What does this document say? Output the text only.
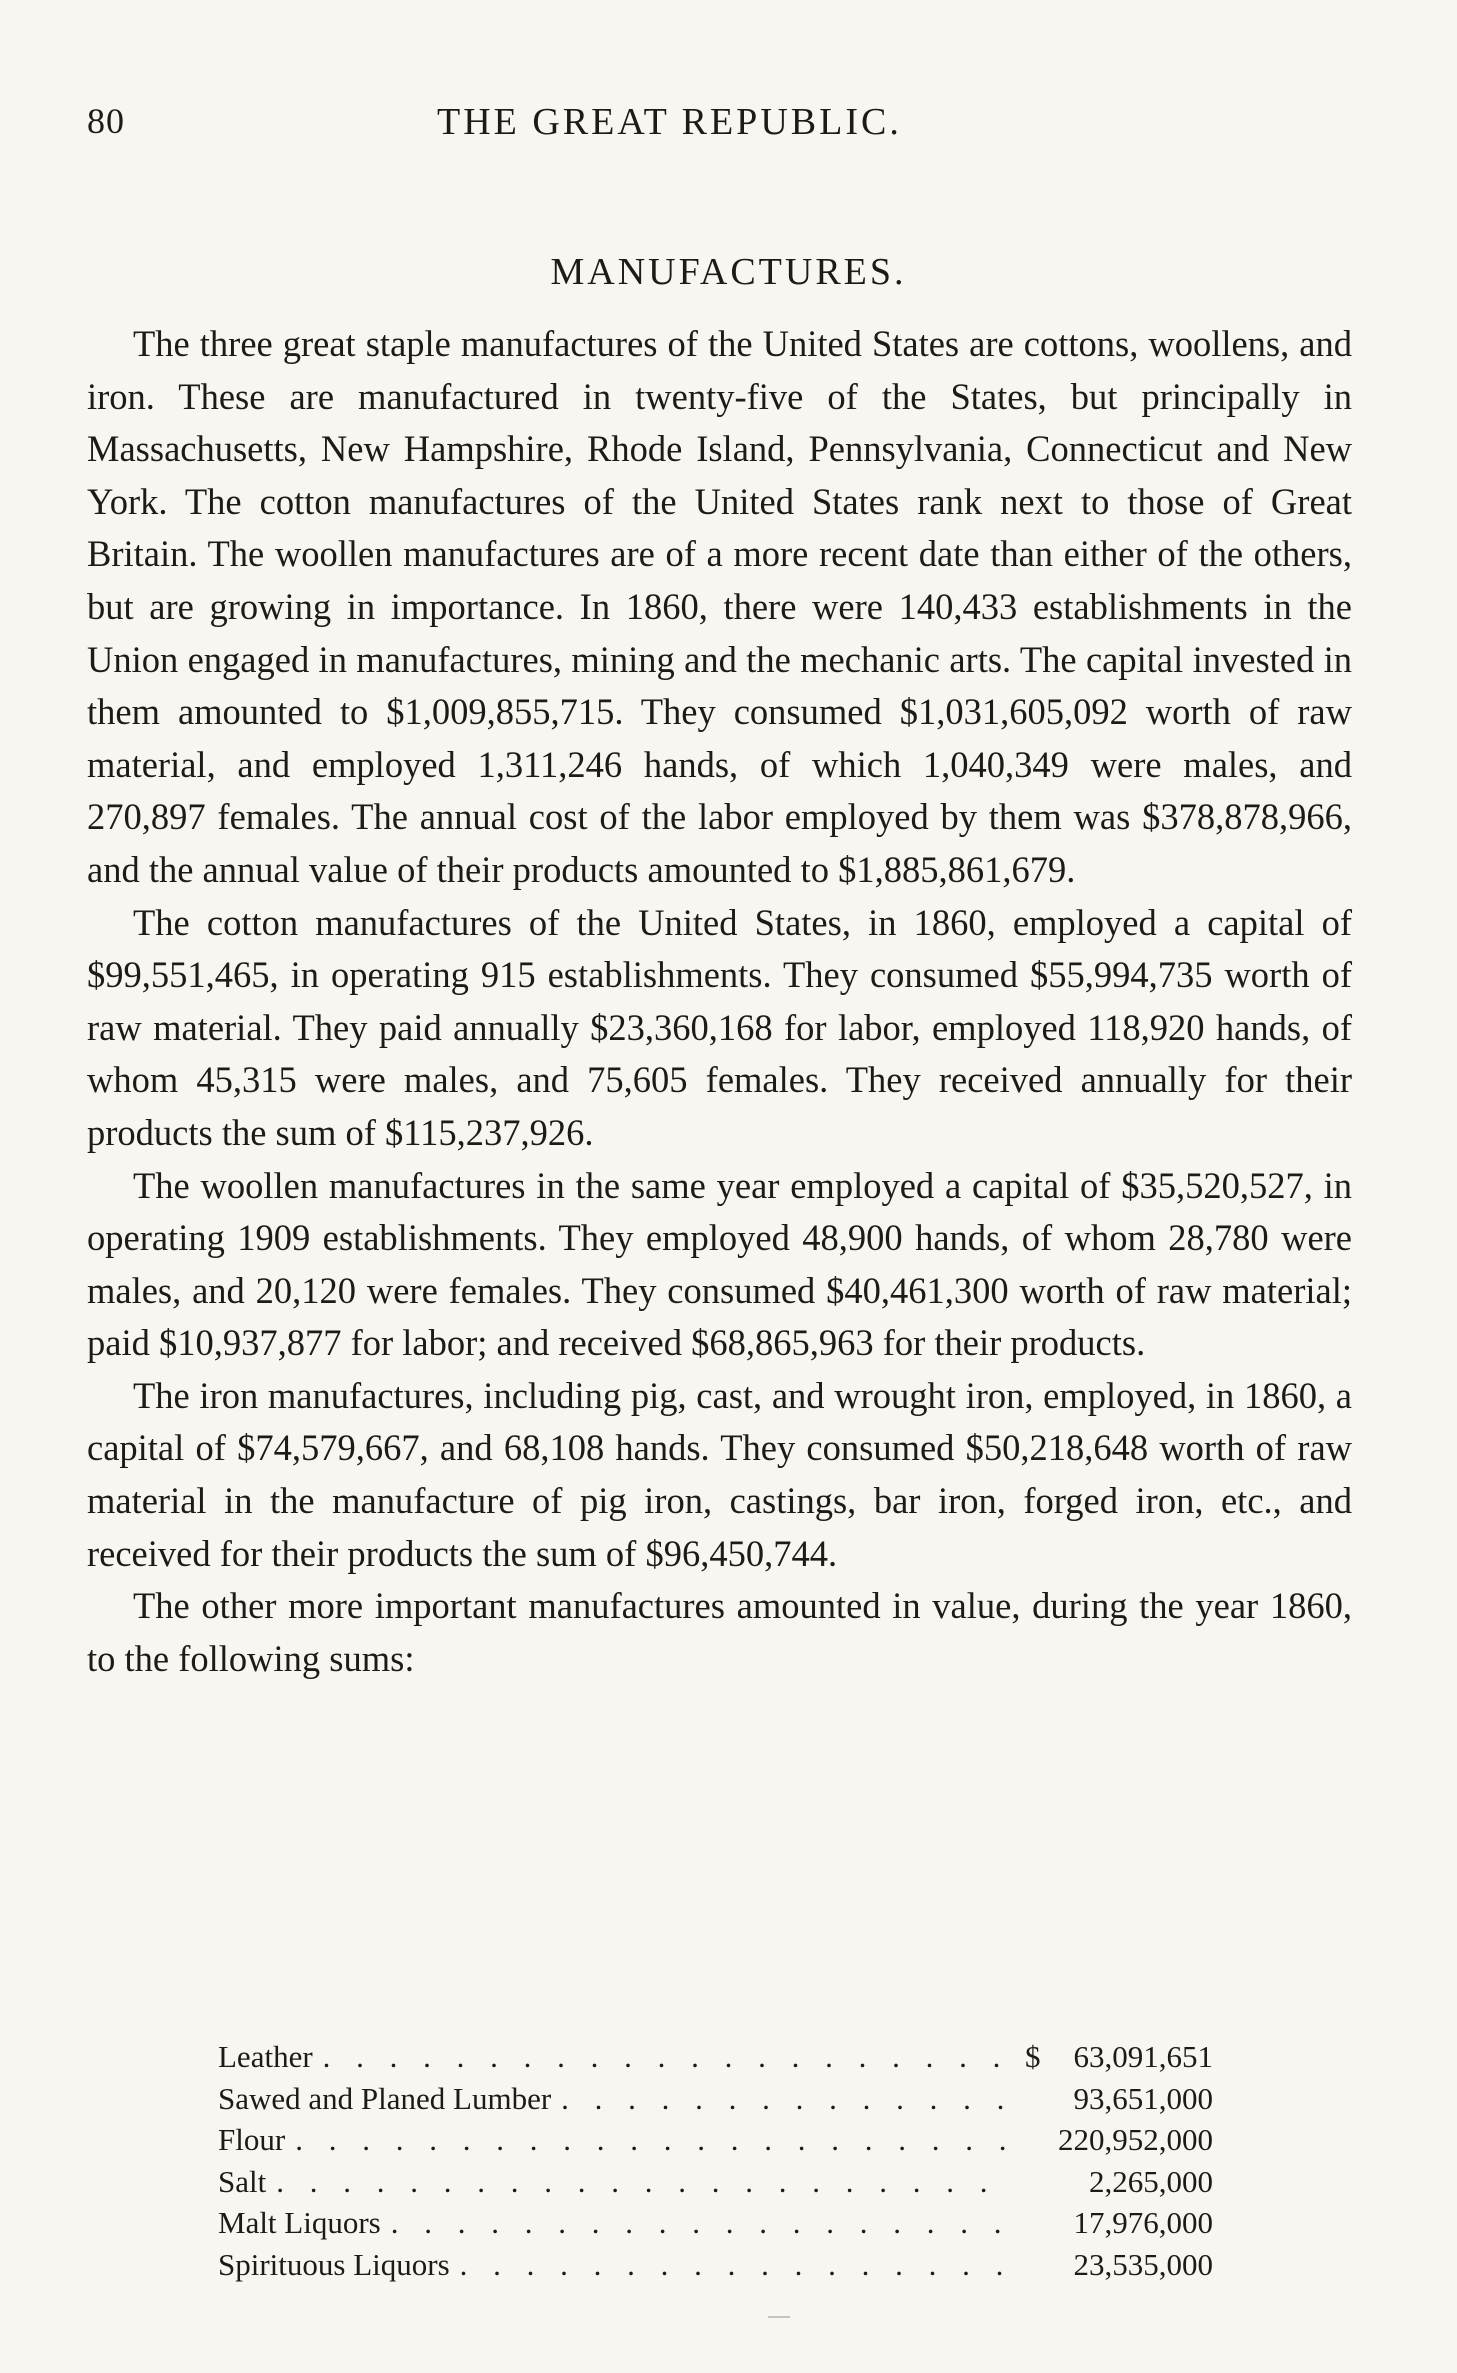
80	THE GREAT REPUBLIC.
MANUFACTURES.

The three great staple manufactures of the United States are cottons, woollens, and iron. These are manufactured in twenty-five of the States, but principally in Massachusetts, New Hampshire, Rhode Island, Pennsylvania, Connecticut and New York. The cotton manufactures of the United States rank next to those of Great Britain. The woollen manufactures are of a more recent date than either of the others, but are growing in importance. In 1860, there were 140,433 establishments in the Union engaged in manufactures, mining and the mechanic arts. The capital invested in them amounted to $1,009,855,715. They consumed $1,031,605,092 worth of raw material, and employed 1,311,246 hands, of which 1,040,349 were males, and 270,897 females. The annual cost of the labor employed by them was $378,878,966, and the annual value of their products amounted to $1,885,861,679.

The cotton manufactures of the United States, in 1860, employed a capital of $99,551,465, in operating 915 establishments. They consumed $55,994,735 worth of raw material. They paid annually $23,360,168 for labor, employed 118,920 hands, of whom 45,315 were males, and 75,605 females. They received annually for their products the sum of $115,237,926.

The woollen manufactures in the same year employed a capital of $35,520,527, in operating 1909 establishments. They employed 48,900 hands, of whom 28,780 were males, and 20,120 were females. They consumed $40,461,300 worth of raw material; paid $10,937,877 for labor; and received $68,865,963 for their products.

The iron manufactures, including pig, cast, and wrought iron, employed, in 1860, a capital of $74,579,667, and 68,108 hands. They consumed $50,218,648 worth of raw material in the manufacture of pig iron, castings, bar iron, forged iron, etc., and received for their products the sum of $96,450,744.

The other more important manufactures amounted in value, during the year 1860, to the following sums:

Leather . . .	$	63,091,651
Sawed and Planed Lumber . . .	93,651,000
Flour . . .	220,952,000
Salt . . .	2,265,000
Malt Liquors . . .	17,976,000
Spirituous Liquors . . .	23,535,000
